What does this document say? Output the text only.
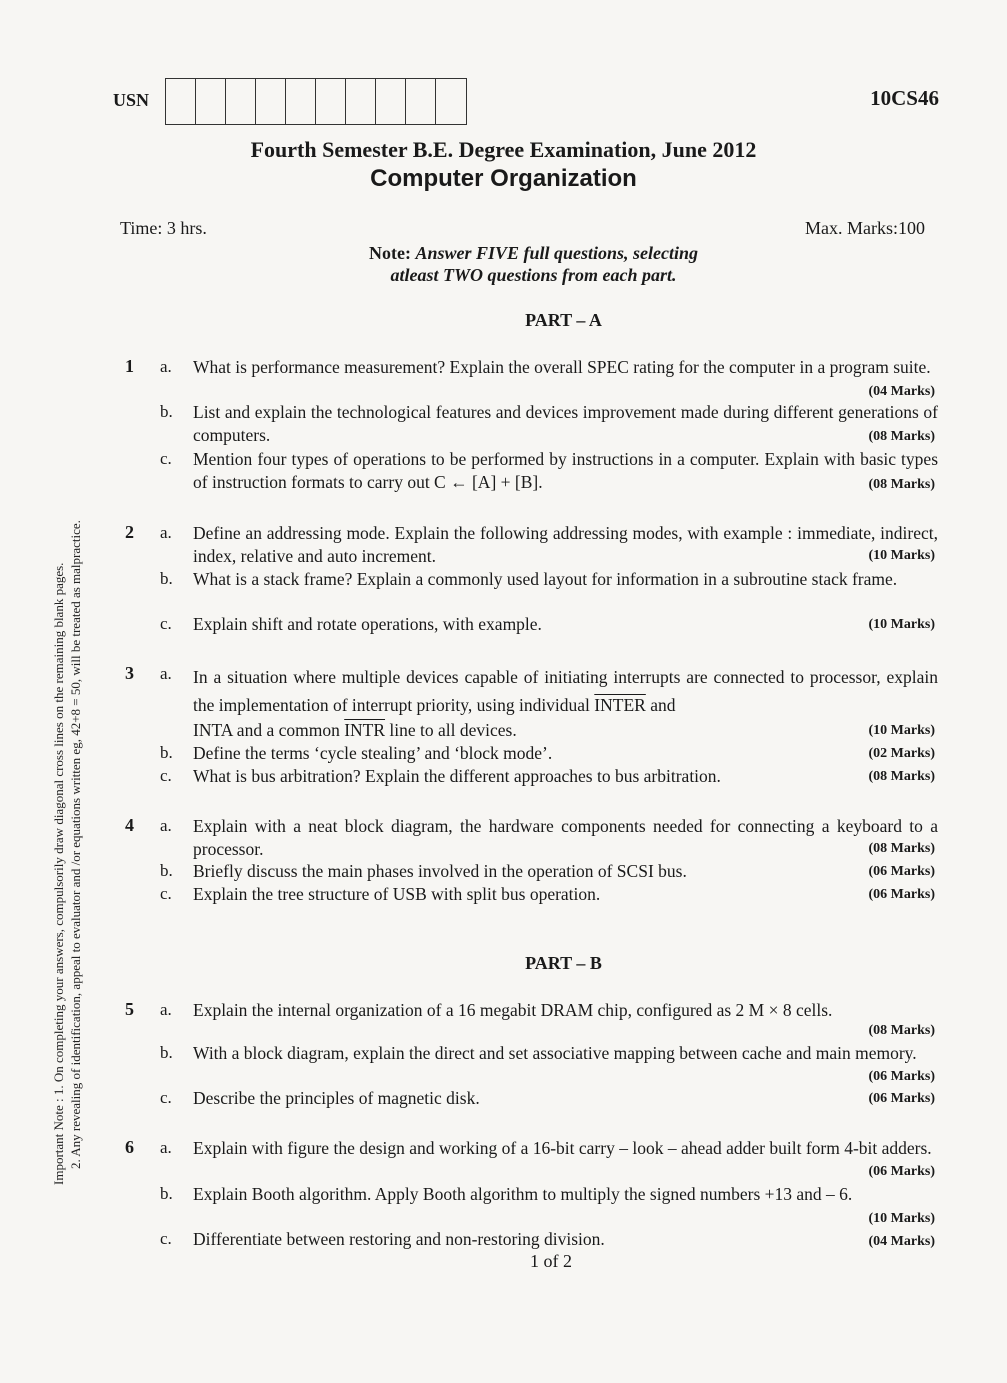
USN	10CS46
Fourth Semester B.E. Degree Examination, June 2012
Computer Organization
Time: 3 hrs.	Max. Marks:100
Note: Answer FIVE full questions, selecting
atleast TWO questions from each part.
Important Note : 1. On completing your answers, compulsorily draw diagonal cross lines on the remaining blank pages. 2. Any revealing of identification, appeal to evaluator and /or equations written eg, 42+8 = 50, will be treated as malpractice.
PART – A
1 a. What is performance measurement? Explain the overall SPEC rating for the computer in a program suite.
(04 Marks)
b. List and explain the technological features and devices improvement made during different generations of computers.	(08 Marks)
c. Mention four types of operations to be performed by instructions in a computer. Explain with basic types of instruction formats to carry out C ← [A] + [B].	(08 Marks)
2 a. Define an addressing mode. Explain the following addressing modes, with example : immediate, indirect, index, relative and auto increment.	(10 Marks)
b. What is a stack frame? Explain a commonly used layout for information in a subroutine stack frame.
c. Explain shift and rotate operations, with example.	(10 Marks)
3 a. In a situation where multiple devices capable of initiating interrupts are connected to processor, explain the implementation of interrupt priority, using individual INTER and
INTA and a common INTR line to all devices.	(10 Marks)
b. Define the terms ‘cycle stealing’ and ‘block mode’.	(02 Marks)
c. What is bus arbitration? Explain the different approaches to bus arbitration.	(08 Marks)
4 a. Explain with a neat block diagram, the hardware components needed for connecting a keyboard to a processor.	(08 Marks)
b. Briefly discuss the main phases involved in the operation of SCSI bus.	(06 Marks)
c. Explain the tree structure of USB with split bus operation.	(06 Marks)
PART – B
5 a. Explain the internal organization of a 16 megabit DRAM chip, configured as 2 M × 8 cells.
(08 Marks)
b. With a block diagram, explain the direct and set associative mapping between cache and main memory.
(06 Marks)
c. Describe the principles of magnetic disk.	(06 Marks)
6 a. Explain with figure the design and working of a 16-bit carry – look – ahead adder built form 4-bit adders.
(06 Marks)
b. Explain Booth algorithm. Apply Booth algorithm to multiply the signed numbers +13 and – 6.
(10 Marks)
c. Differentiate between restoring and non-restoring division.	(04 Marks)
1 of 2
